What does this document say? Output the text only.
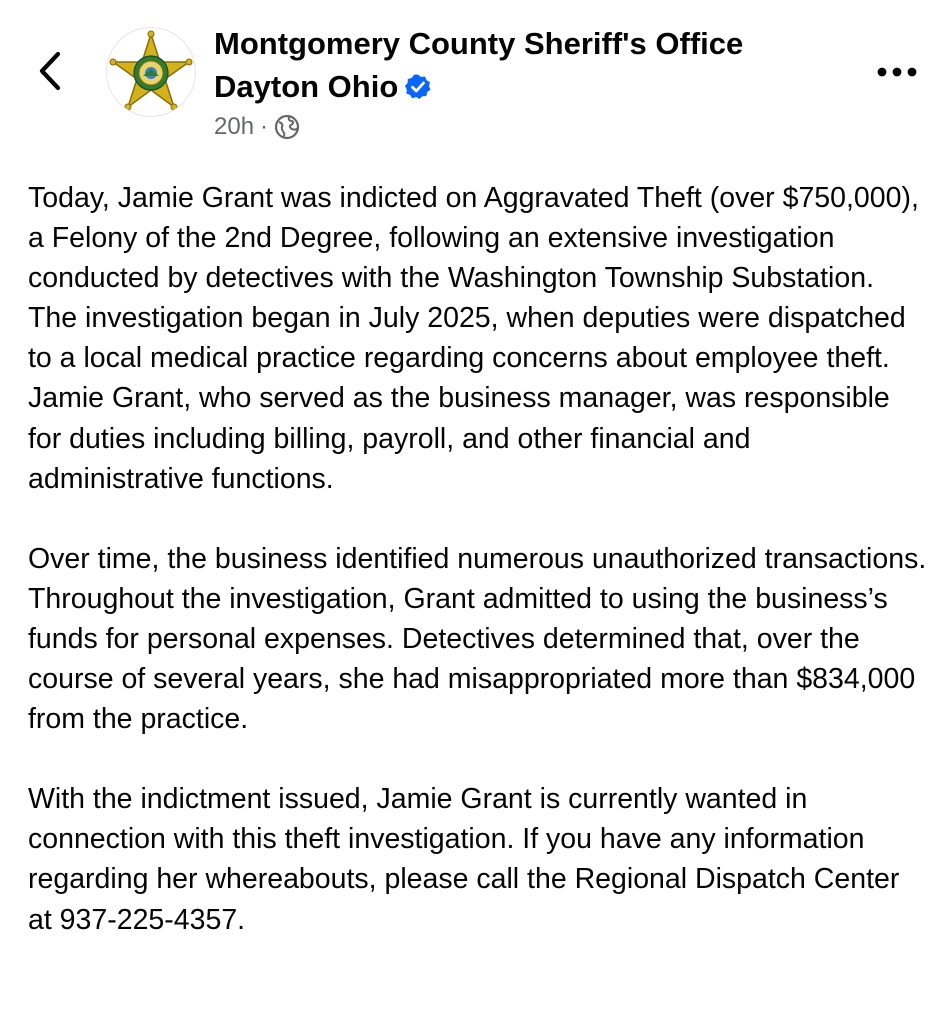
Montgomery County Sheriff's Office Dayton Ohio
20h ·

Today, Jamie Grant was indicted on Aggravated Theft (over $750,000), a Felony of the 2nd Degree, following an extensive investigation conducted by detectives with the Washington Township Substation. The investigation began in July 2025, when deputies were dispatched to a local medical practice regarding concerns about employee theft. Jamie Grant, who served as the business manager, was responsible for duties including billing, payroll, and other financial and administrative functions.

Over time, the business identified numerous unauthorized transactions. Throughout the investigation, Grant admitted to using the business’s funds for personal expenses. Detectives determined that, over the course of several years, she had misappropriated more than $834,000 from the practice.

With the indictment issued, Jamie Grant is currently wanted in connection with this theft investigation. If you have any information regarding her whereabouts, please call the Regional Dispatch Center at 937-225-4357.
